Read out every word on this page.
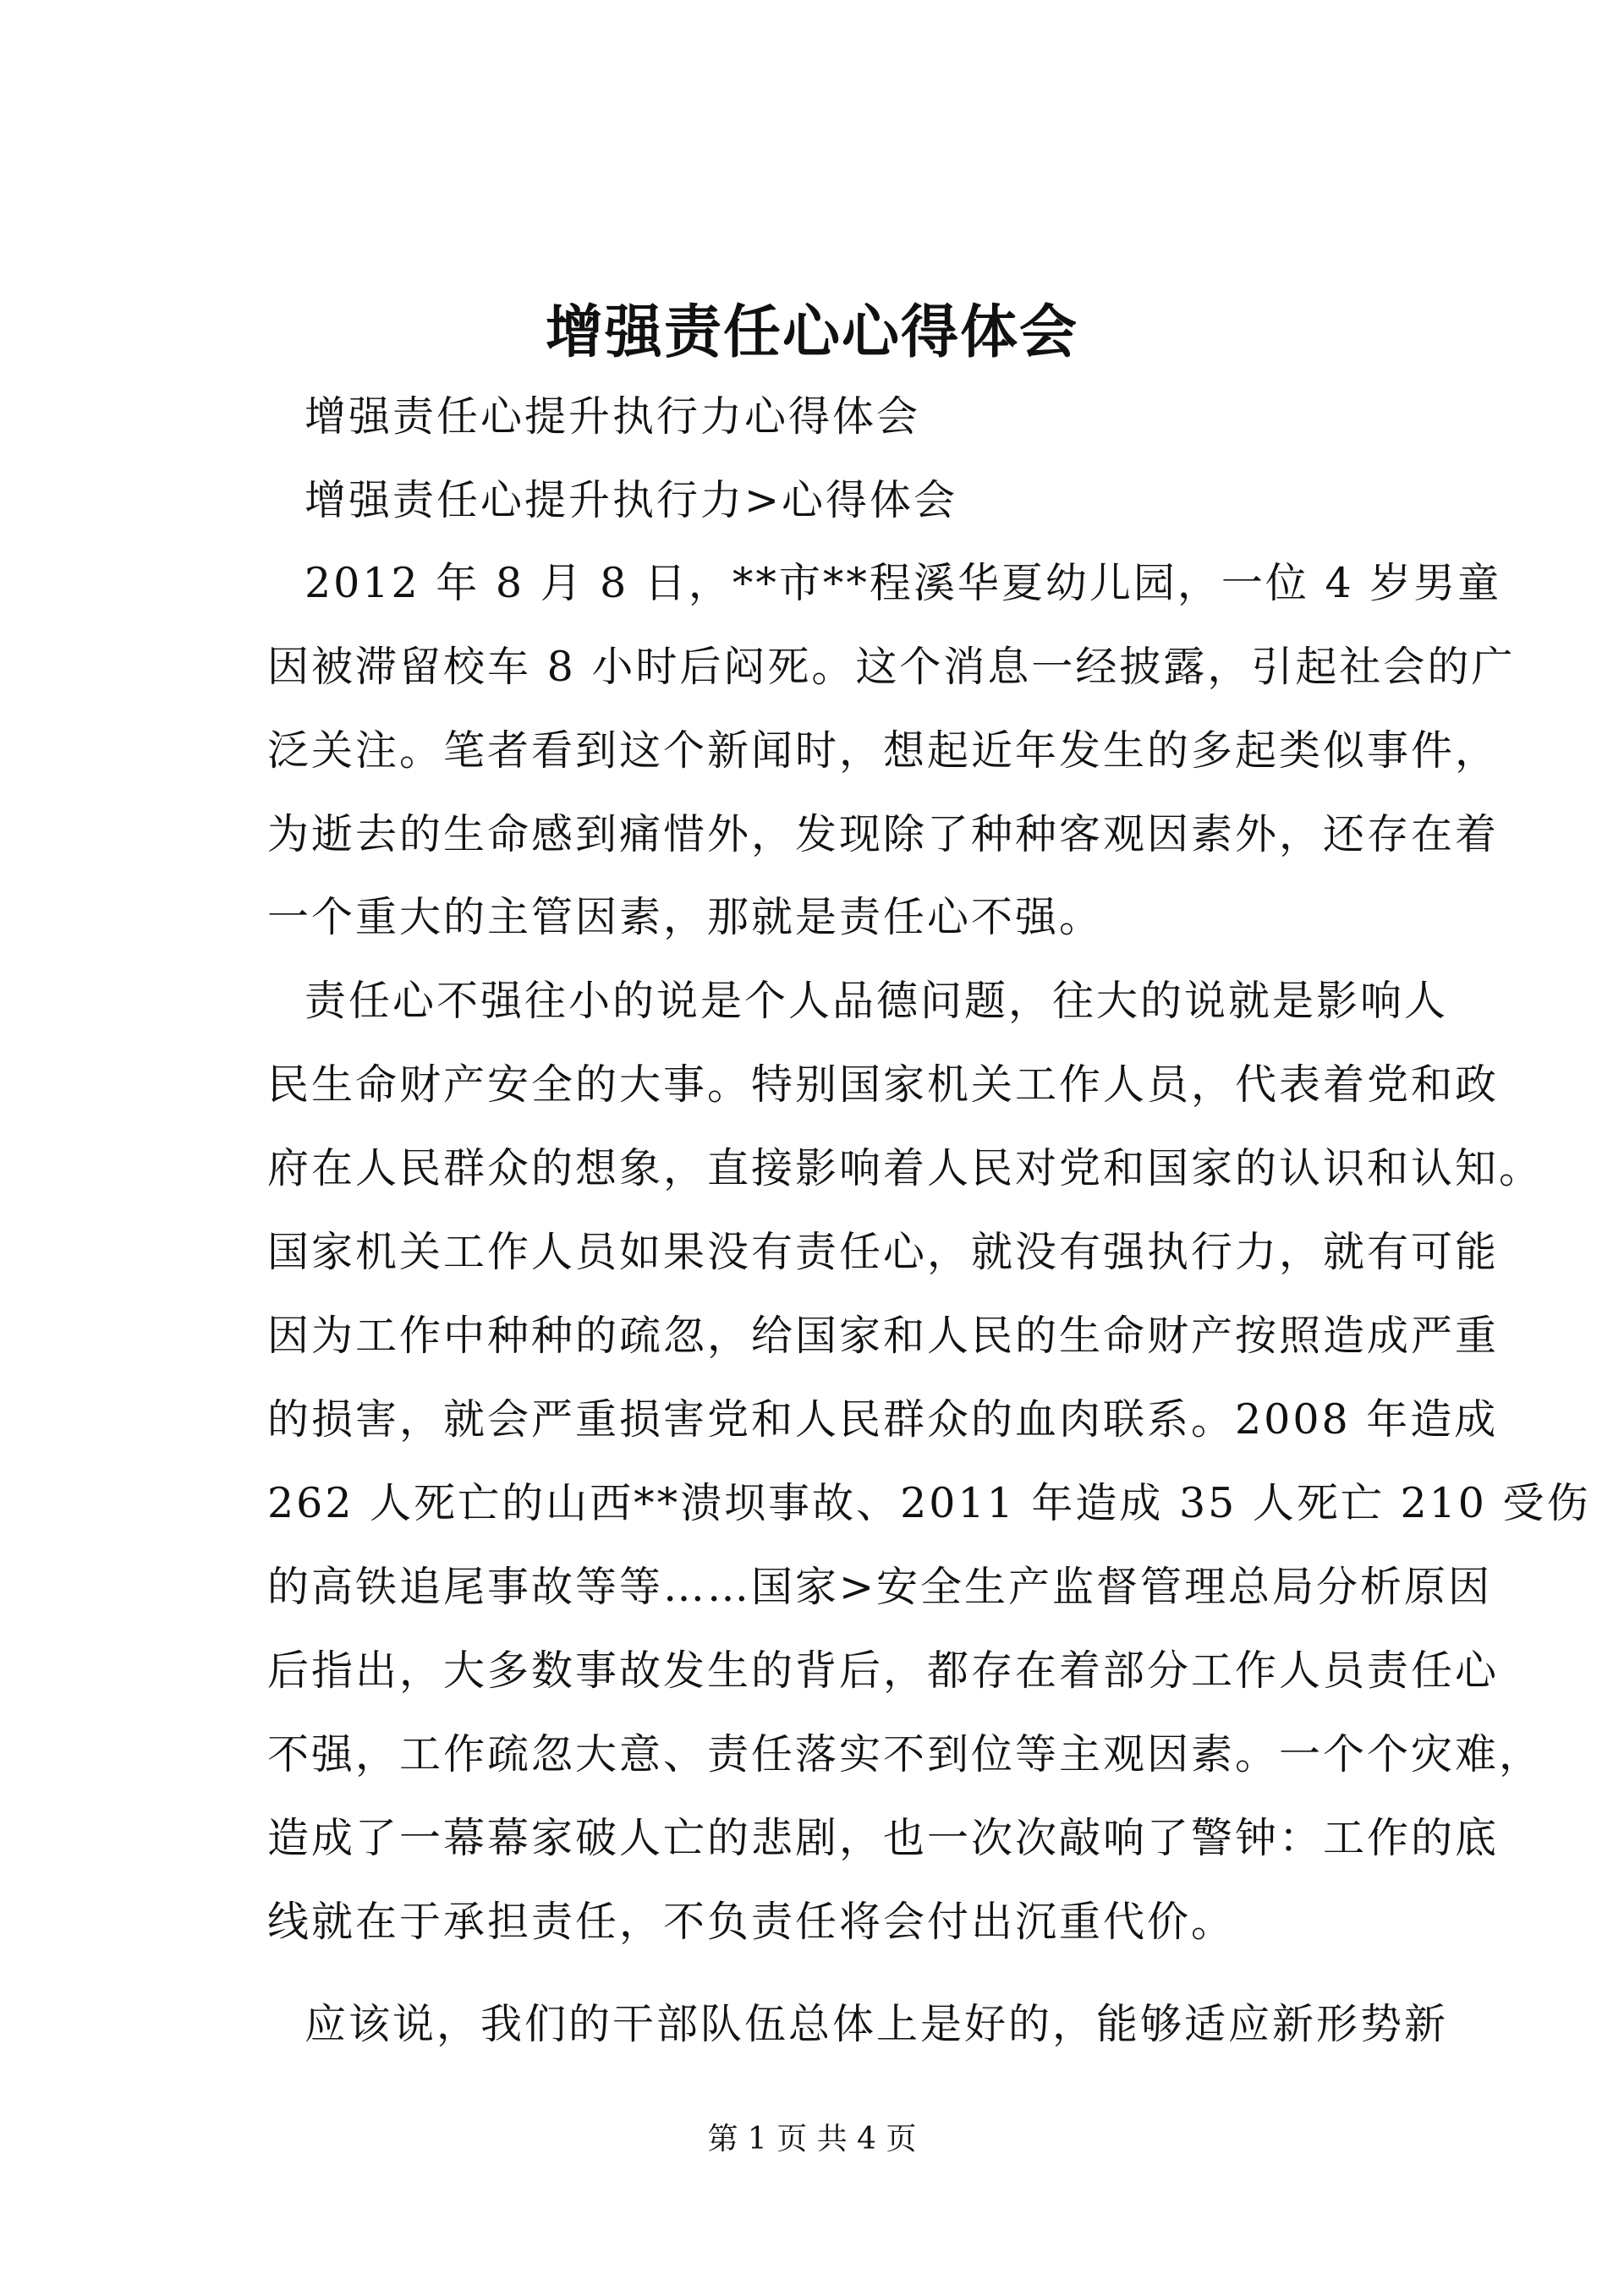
增强责任心心得体会
增强责任心提升执行力心得体会
增强责任心提升执行力>心得体会
2012 年 8 月 8 日，**市**程溪华夏幼儿园，一位 4 岁男童
因被滞留校车 8 小时后闷死。这个消息一经披露，引起社会的广
泛关注。笔者看到这个新闻时，想起近年发生的多起类似事件，
为逝去的生命感到痛惜外，发现除了种种客观因素外，还存在着
一个重大的主管因素，那就是责任心不强。
责任心不强往小的说是个人品德问题，往大的说就是影响人
民生命财产安全的大事。特别国家机关工作人员，代表着党和政
府在人民群众的想象，直接影响着人民对党和国家的认识和认知。
国家机关工作人员如果没有责任心，就没有强执行力，就有可能
因为工作中种种的疏忽，给国家和人民的生命财产按照造成严重
的损害，就会严重损害党和人民群众的血肉联系。2008 年造成
262 人死亡的山西**溃坝事故、2011 年造成 35 人死亡 210 受伤
的高铁追尾事故等等……国家>安全生产监督管理总局分析原因
后指出，大多数事故发生的背后，都存在着部分工作人员责任心
不强，工作疏忽大意、责任落实不到位等主观因素。一个个灾难，
造成了一幕幕家破人亡的悲剧，也一次次敲响了警钟：工作的底
线就在于承担责任，不负责任将会付出沉重代价。
应该说，我们的干部队伍总体上是好的，能够适应新形势新
第 1 页 共 4 页
